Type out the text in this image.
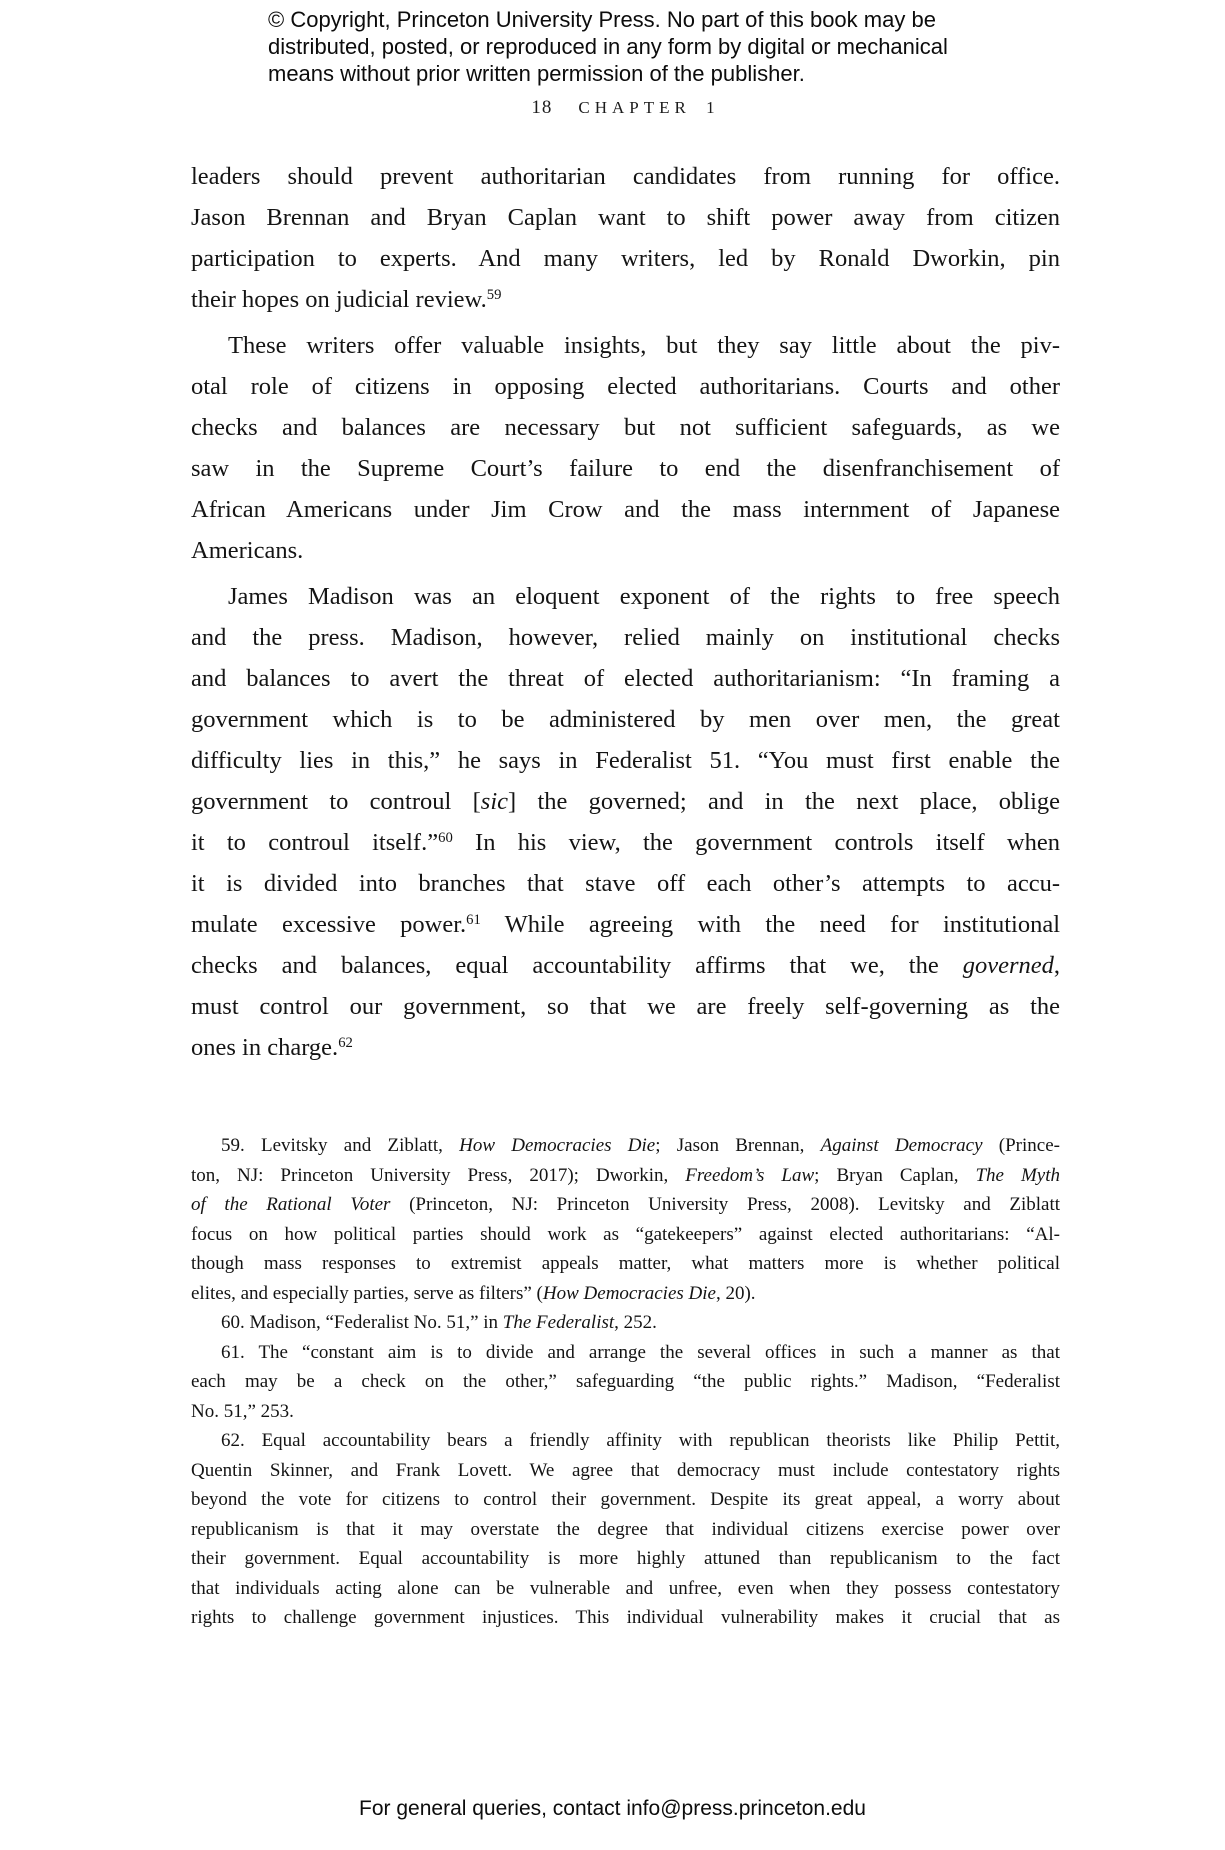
© Copyright, Princeton University Press. No part of this book may be
distributed, posted, or reproduced in any form by digital or mechanical
means without prior written permission of the publisher.
18 CHAPTER 1
leaders should prevent authoritarian candidates from running for office.
Jason Brennan and Bryan Caplan want to shift power away from citizen
participation to experts. And many writers, led by Ronald Dworkin, pin
their hopes on judicial review.$^{59}$
These writers offer valuable insights, but they say little about the piv-
otal role of citizens in opposing elected authoritarians. Courts and other
checks and balances are necessary but not sufficient safeguards, as we
saw in the Supreme Court’s failure to end the disenfranchisement of
African Americans under Jim Crow and the mass internment of Japanese
Americans.
James Madison was an eloquent exponent of the rights to free speech
and the press. Madison, however, relied mainly on institutional checks
and balances to avert the threat of elected authoritarianism: “In framing a
government which is to be administered by men over men, the great
difficulty lies in this,” he says in Federalist 51. “You must first enable the
government to controul [sic] the governed; and in the next place, oblige
it to controul itself.”$^{60}$ In his view, the government controls itself when
it is divided into branches that stave off each other’s attempts to accu-
mulate excessive power.$^{61}$ While agreeing with the need for institutional
checks and balances, equal accountability affirms that we, the governed,
must control our government, so that we are freely self-governing as the
ones in charge.$^{62}$
59. Levitsky and Ziblatt, How Democracies Die; Jason Brennan, Against Democracy (Prince-
ton, NJ: Princeton University Press, 2017); Dworkin, Freedom’s Law; Bryan Caplan, The Myth
of the Rational Voter (Princeton, NJ: Princeton University Press, 2008). Levitsky and Ziblatt
focus on how political parties should work as “gatekeepers” against elected authoritarians: “Al-
though mass responses to extremist appeals matter, what matters more is whether political
elites, and especially parties, serve as filters” (How Democracies Die, 20).
60. Madison, “Federalist No. 51,” in The Federalist, 252.
61. The “constant aim is to divide and arrange the several offices in such a manner as that
each may be a check on the other,” safeguarding “the public rights.” Madison, “Federalist
No. 51,” 253.
62. Equal accountability bears a friendly affinity with republican theorists like Philip Pettit,
Quentin Skinner, and Frank Lovett. We agree that democracy must include contestatory rights
beyond the vote for citizens to control their government. Despite its great appeal, a worry about
republicanism is that it may overstate the degree that individual citizens exercise power over
their government. Equal accountability is more highly attuned than republicanism to the fact
that individuals acting alone can be vulnerable and unfree, even when they possess contestatory
rights to challenge government injustices. This individual vulnerability makes it crucial that as
For general queries, contact info@press.princeton.edu
